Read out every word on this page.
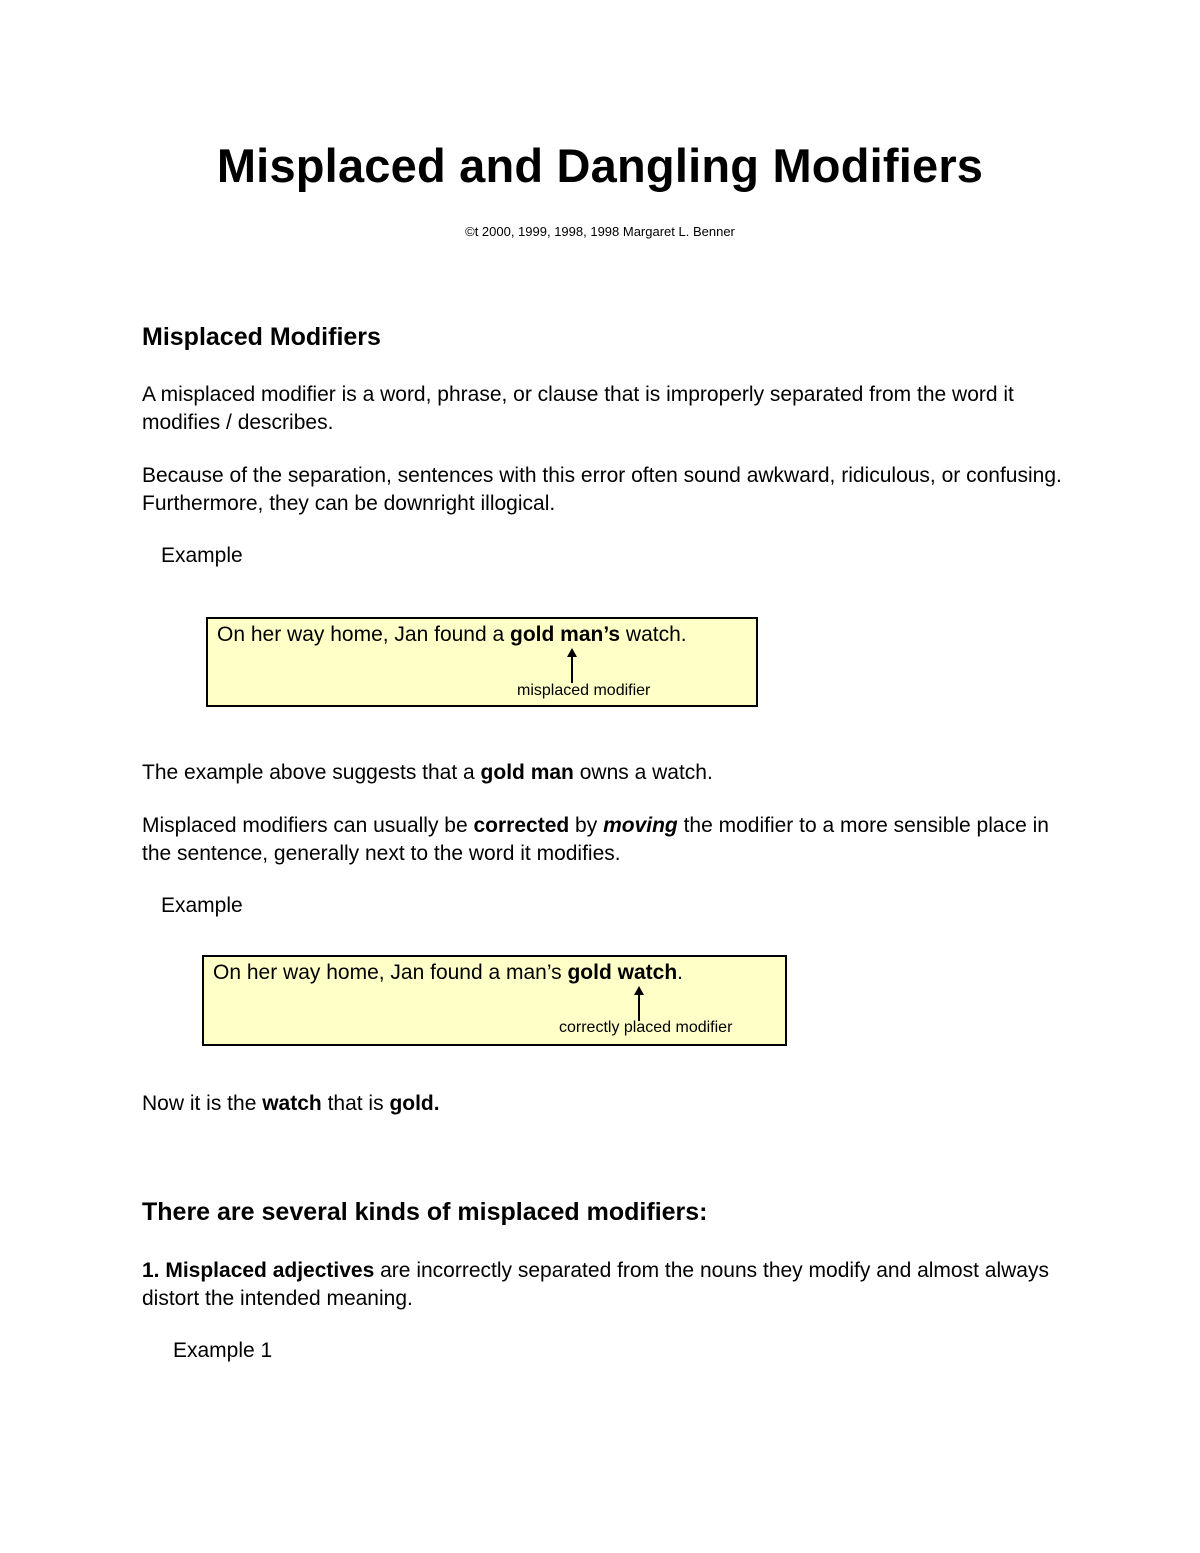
Misplaced and Dangling Modifiers
©t 2000, 1999, 1998, 1998 Margaret L. Benner
Misplaced Modifiers
A misplaced modifier is a word, phrase, or clause that is improperly separated from the word it modifies / describes.
Because of the separation, sentences with this error often sound awkward, ridiculous, or confusing. Furthermore, they can be downright illogical.
Example
On her way home, Jan found a gold man’s watch.
misplaced modifier
The example above suggests that a gold man owns a watch.
Misplaced modifiers can usually be corrected by moving the modifier to a more sensible place in the sentence, generally next to the word it modifies.
Example
On her way home, Jan found a man’s gold watch.
correctly placed modifier
Now it is the watch that is gold.
There are several kinds of misplaced modifiers:
1. Misplaced adjectives are incorrectly separated from the nouns they modify and almost always distort the intended meaning.
Example 1
